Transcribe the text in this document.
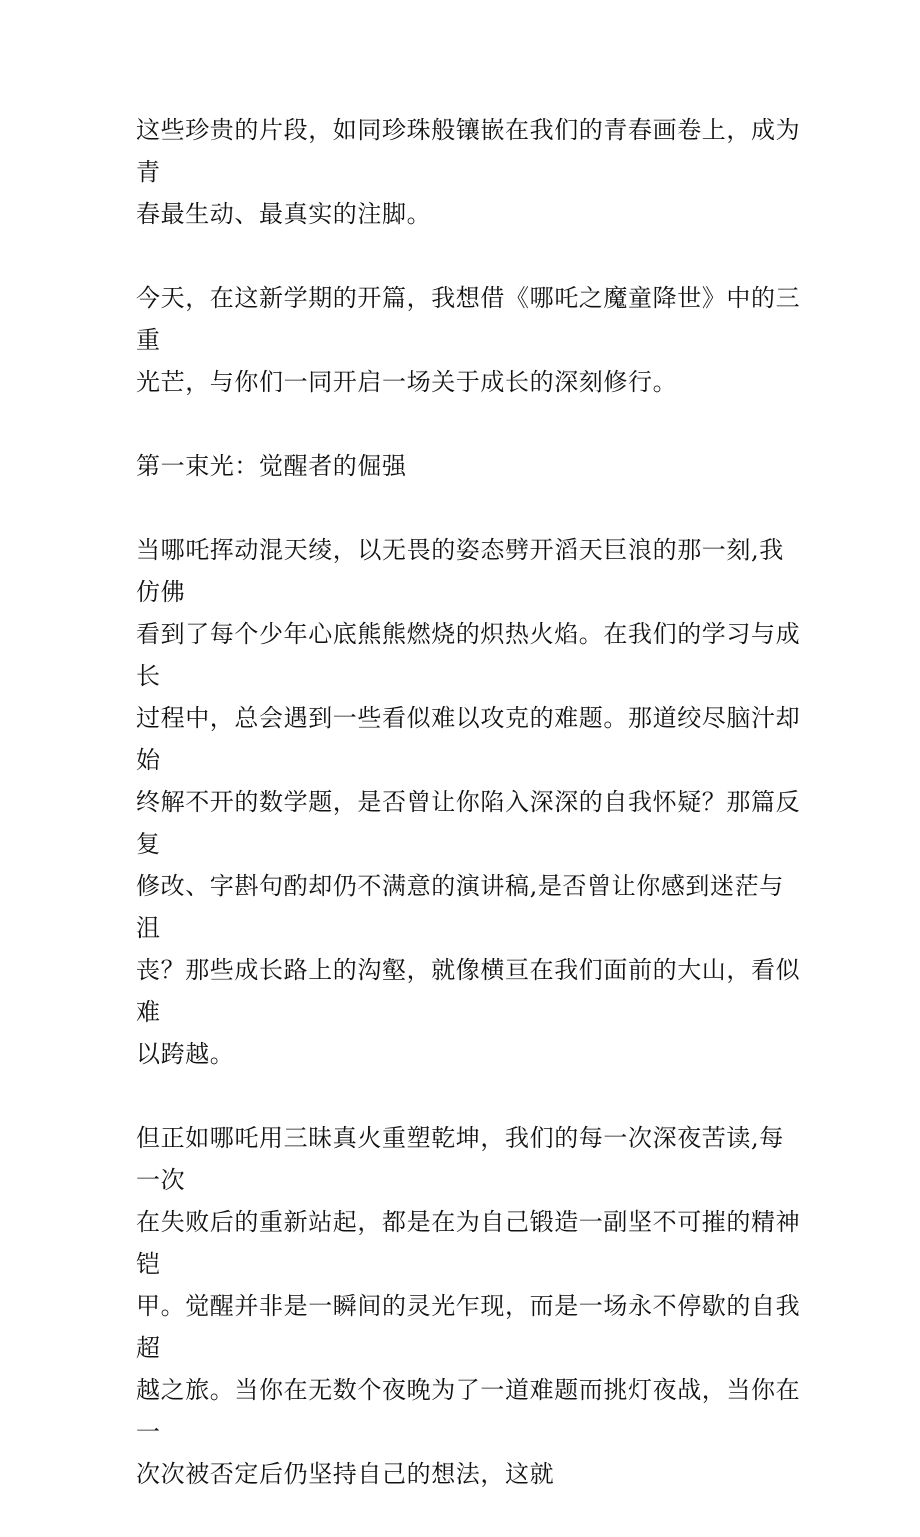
这些珍贵的片段，如同珍珠般镶嵌在我们的青春画卷上，成为青
春最生动、最真实的注脚。

今天，在这新学期的开篇，我想借《哪吒之魔童降世》中的三重
光芒，与你们一同开启一场关于成长的深刻修行。

第一束光：觉醒者的倔强

当哪吒挥动混天绫，以无畏的姿态劈开滔天巨浪的那一刻,我仿佛
看到了每个少年心底熊熊燃烧的炽热火焰。在我们的学习与成长
过程中，总会遇到一些看似难以攻克的难题。那道绞尽脑汁却始
终解不开的数学题，是否曾让你陷入深深的自我怀疑？那篇反复
修改、字斟句酌却仍不满意的演讲稿,是否曾让你感到迷茫与沮
丧？那些成长路上的沟壑，就像横亘在我们面前的大山，看似难
以跨越。

但正如哪吒用三昧真火重塑乾坤，我们的每一次深夜苦读,每一次
在失败后的重新站起，都是在为自己锻造一副坚不可摧的精神铠
甲。觉醒并非是一瞬间的灵光乍现，而是一场永不停歇的自我超
越之旅。当你在无数个夜晚为了一道难题而挑灯夜战，当你在一
次次被否定后仍坚持自己的想法，这就
